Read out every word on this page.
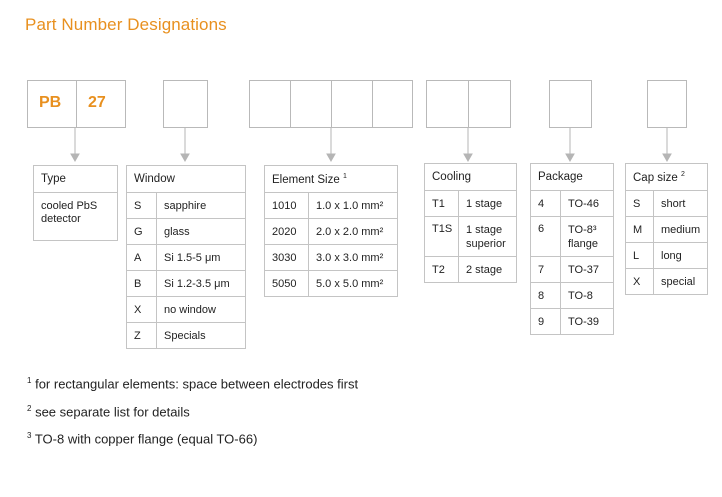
Part Number Designations
PB 27
Type
cooled PbS detector
Window	
S	sapphire
G	glass
A	Si 1.5-5 μm
B	Si 1.2-3.5 μm
X	no window
Z	Specials
Element Size $^1$
1010	1.0 x 1.0 mm²
2020	2.0 x 2.0 mm²
3030	3.0 x 3.0 mm²
5050	5.0 x 5.0 mm²
Cooling	
T1	1 stage
T1S	1 stage superior
T2	2 stage
Package	
4	TO-46
6	TO-8³ flange
7	TO-37
8	TO-8
9	TO-39
Cap size $^2$
S	short
M	medium
L	long
X	special
$^1$ for rectangular elements: space between electrodes first
$^2$ see separate list for details
$^3$ TO-8 with copper flange (equal TO-66)
